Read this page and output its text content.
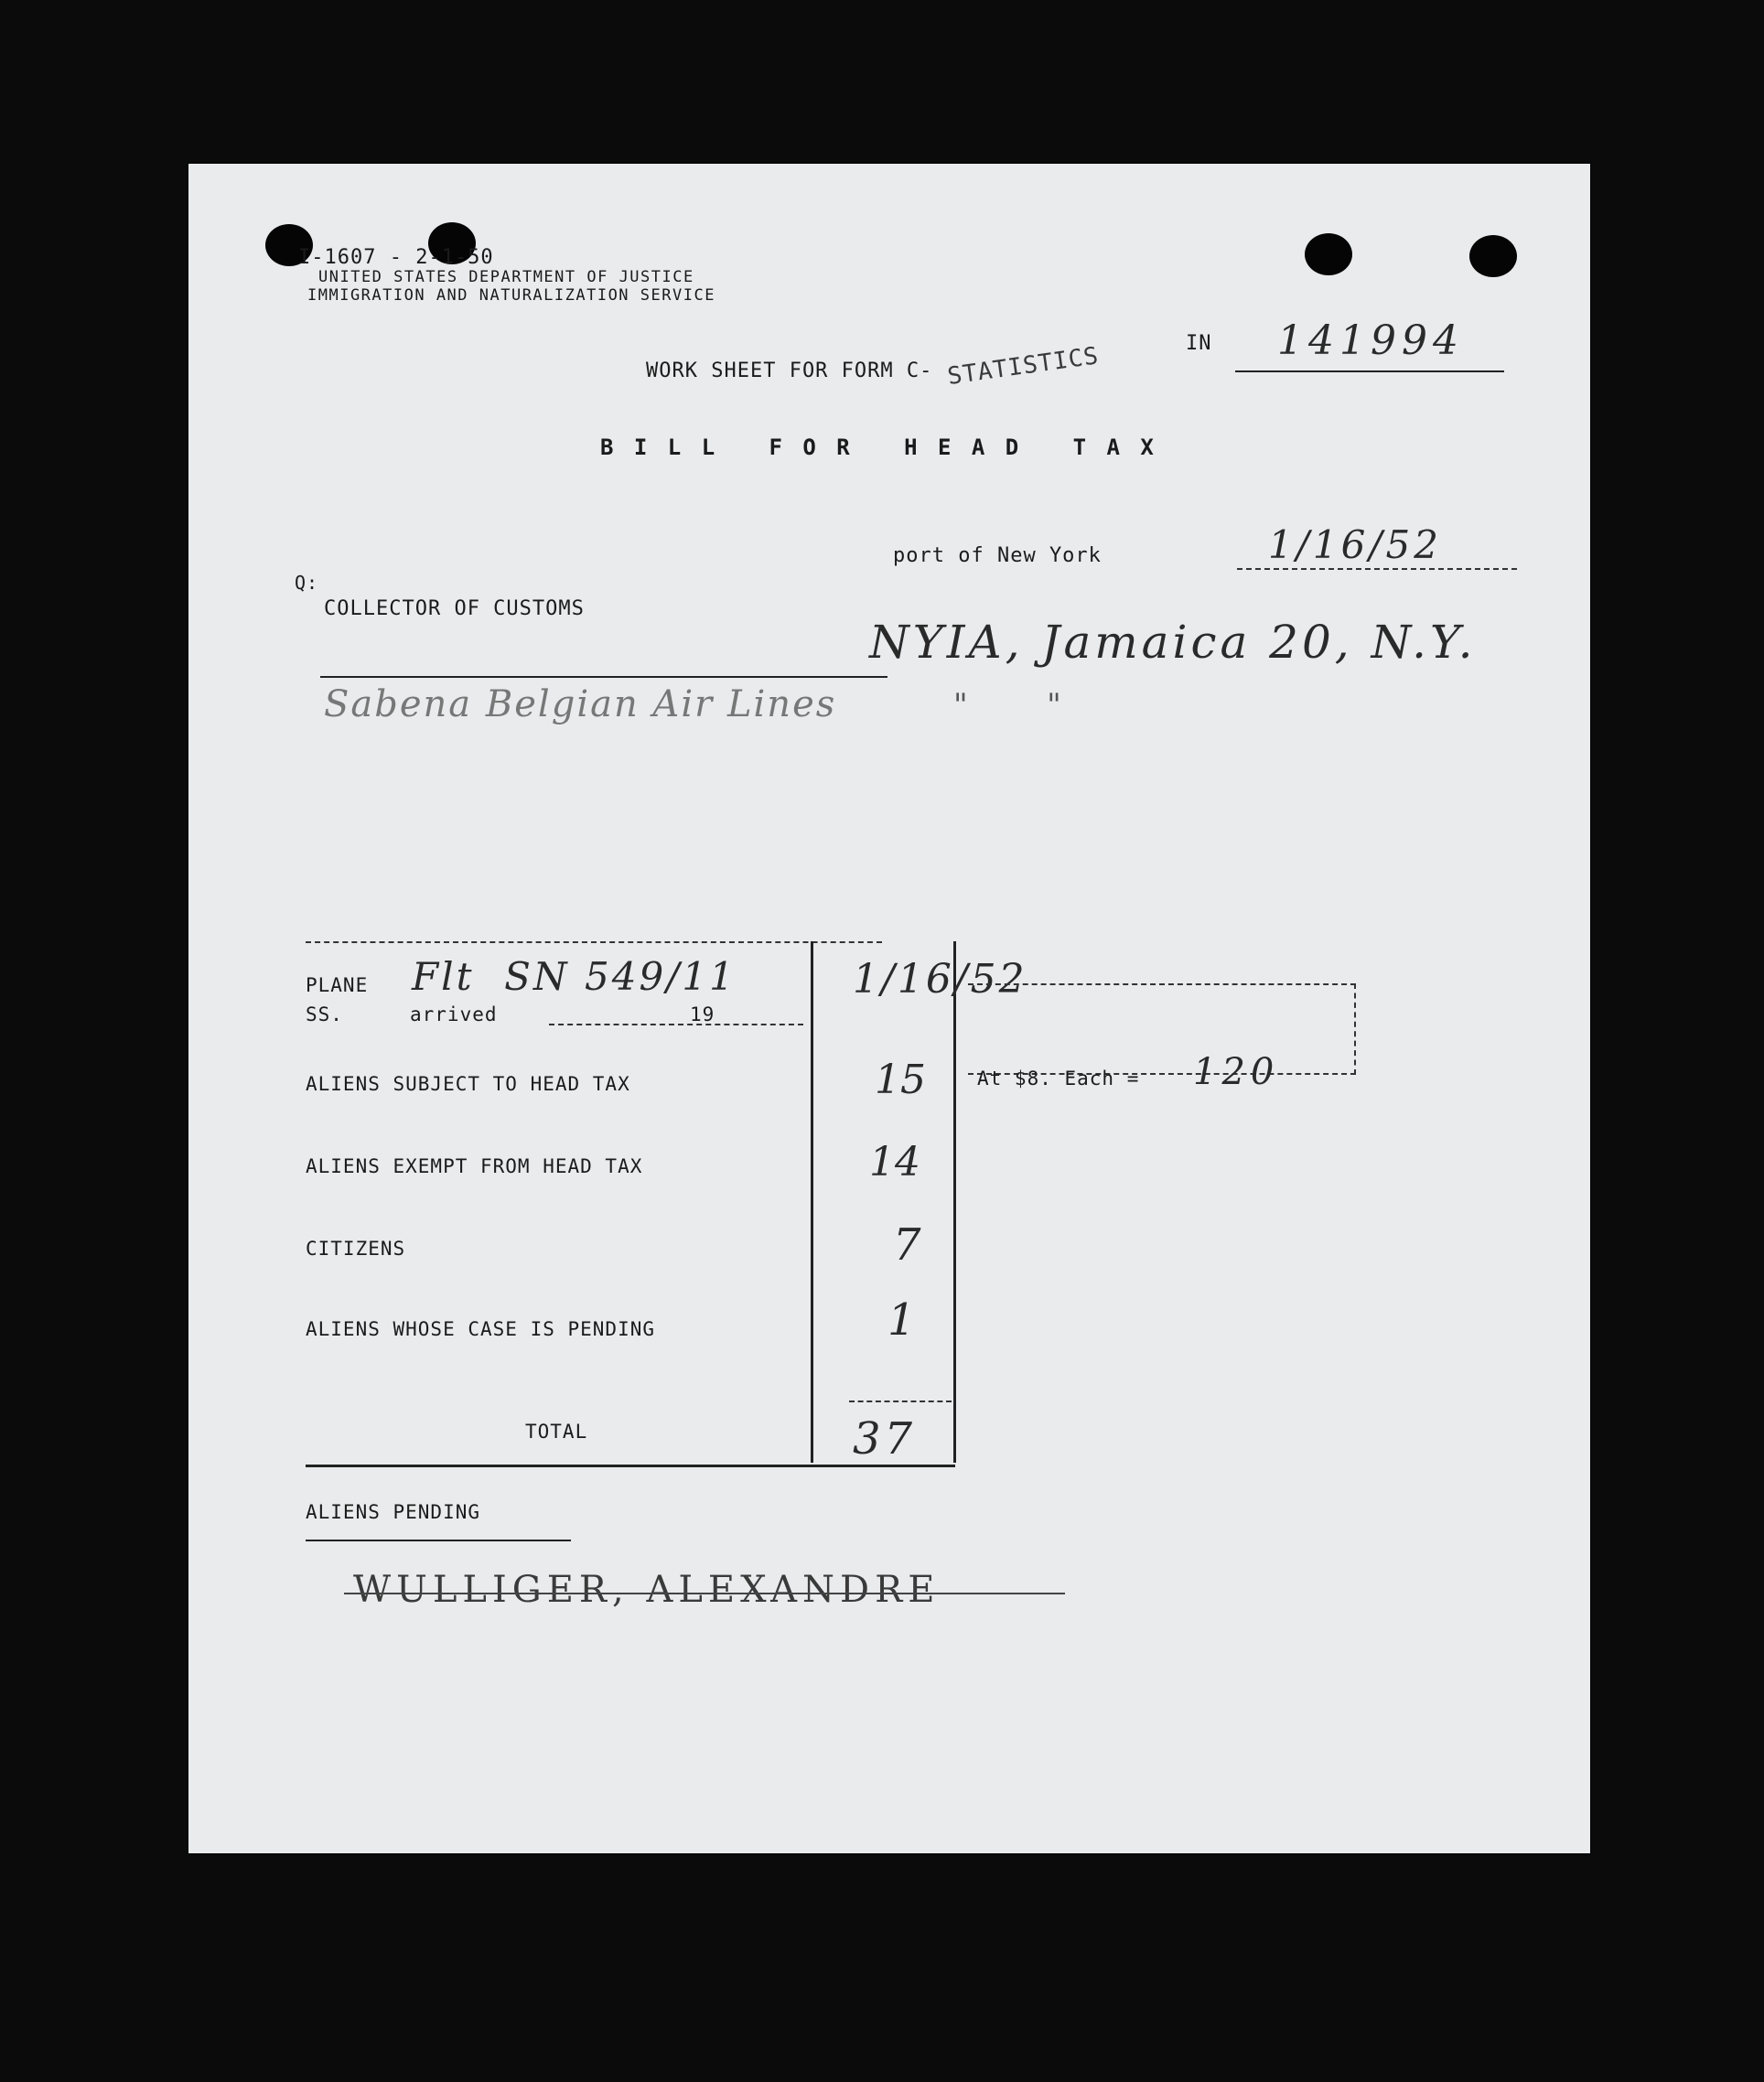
I-1607 - 2-1-50
UNITED STATES DEPARTMENT OF JUSTICE
IMMIGRATION AND NATURALIZATION SERVICE
WORK SHEET FOR FORM C- STATISTICS	IN 141994
B I L L   F O R   H E A D   T A X
port of New York	1/16/52
Q:
COLLECTOR OF CUSTOMS
NYIA, Jamaica 20, N.Y.
Sabena Belgian Air Lines	"        "
PLANE
SS.	arrived	19
Flt  SN 549/11	1/16/52
ALIENS SUBJECT TO HEAD TAX	15
ALIENS EXEMPT FROM HEAD TAX	14
CITIZENS	7
ALIENS WHOSE CASE IS PENDING	1
TOTAL	37
At $8. Each = 120
ALIENS PENDING
WULLIGER, ALEXANDRE
